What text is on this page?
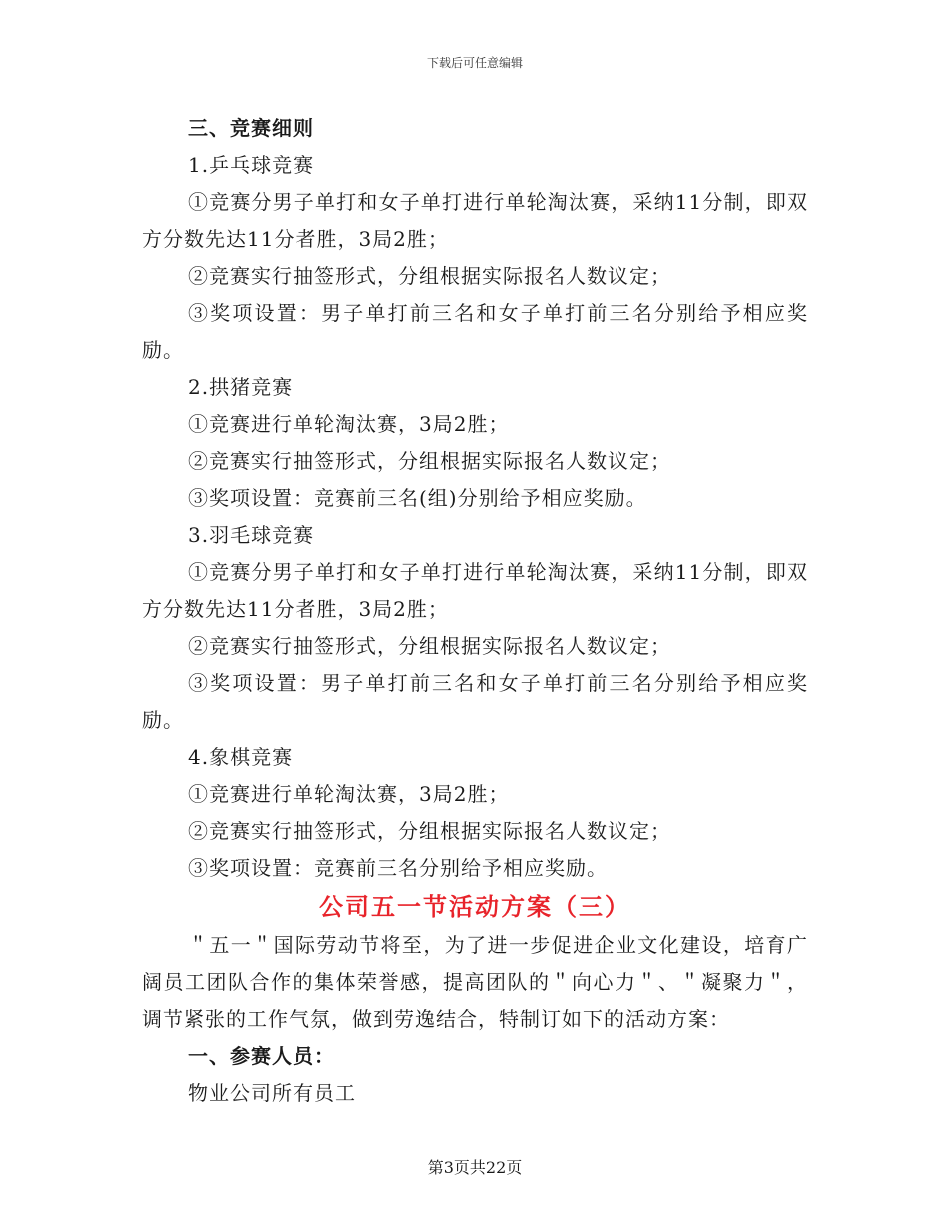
下载后可任意编辑

三、竞赛细则

1.乒乓球竞赛

①竞赛分男子单打和女子单打进行单轮淘汰赛，采纳11分制，即双方分数先达11分者胜，3局2胜；

②竞赛实行抽签形式，分组根据实际报名人数议定；

③奖项设置：男子单打前三名和女子单打前三名分别给予相应奖励。

2.拱猪竞赛

①竞赛进行单轮淘汰赛，3局2胜；

②竞赛实行抽签形式，分组根据实际报名人数议定；

③奖项设置：竞赛前三名(组)分别给予相应奖励。

3.羽毛球竞赛

①竞赛分男子单打和女子单打进行单轮淘汰赛，采纳11分制，即双方分数先达11分者胜，3局2胜；

②竞赛实行抽签形式，分组根据实际报名人数议定；

③奖项设置：男子单打前三名和女子单打前三名分别给予相应奖励。

4.象棋竞赛

①竞赛进行单轮淘汰赛，3局2胜；

②竞赛实行抽签形式，分组根据实际报名人数议定；

③奖项设置：竞赛前三名分别给予相应奖励。

公司五一节活动方案（三）

＂五一＂国际劳动节将至，为了进一步促进企业文化建设，培育广阔员工团队合作的集体荣誉感，提高团队的＂向心力＂、＂凝聚力＂，调节紧张的工作气氛，做到劳逸结合，特制订如下的活动方案：

一、参赛人员：

物业公司所有员工

第3页共22页
